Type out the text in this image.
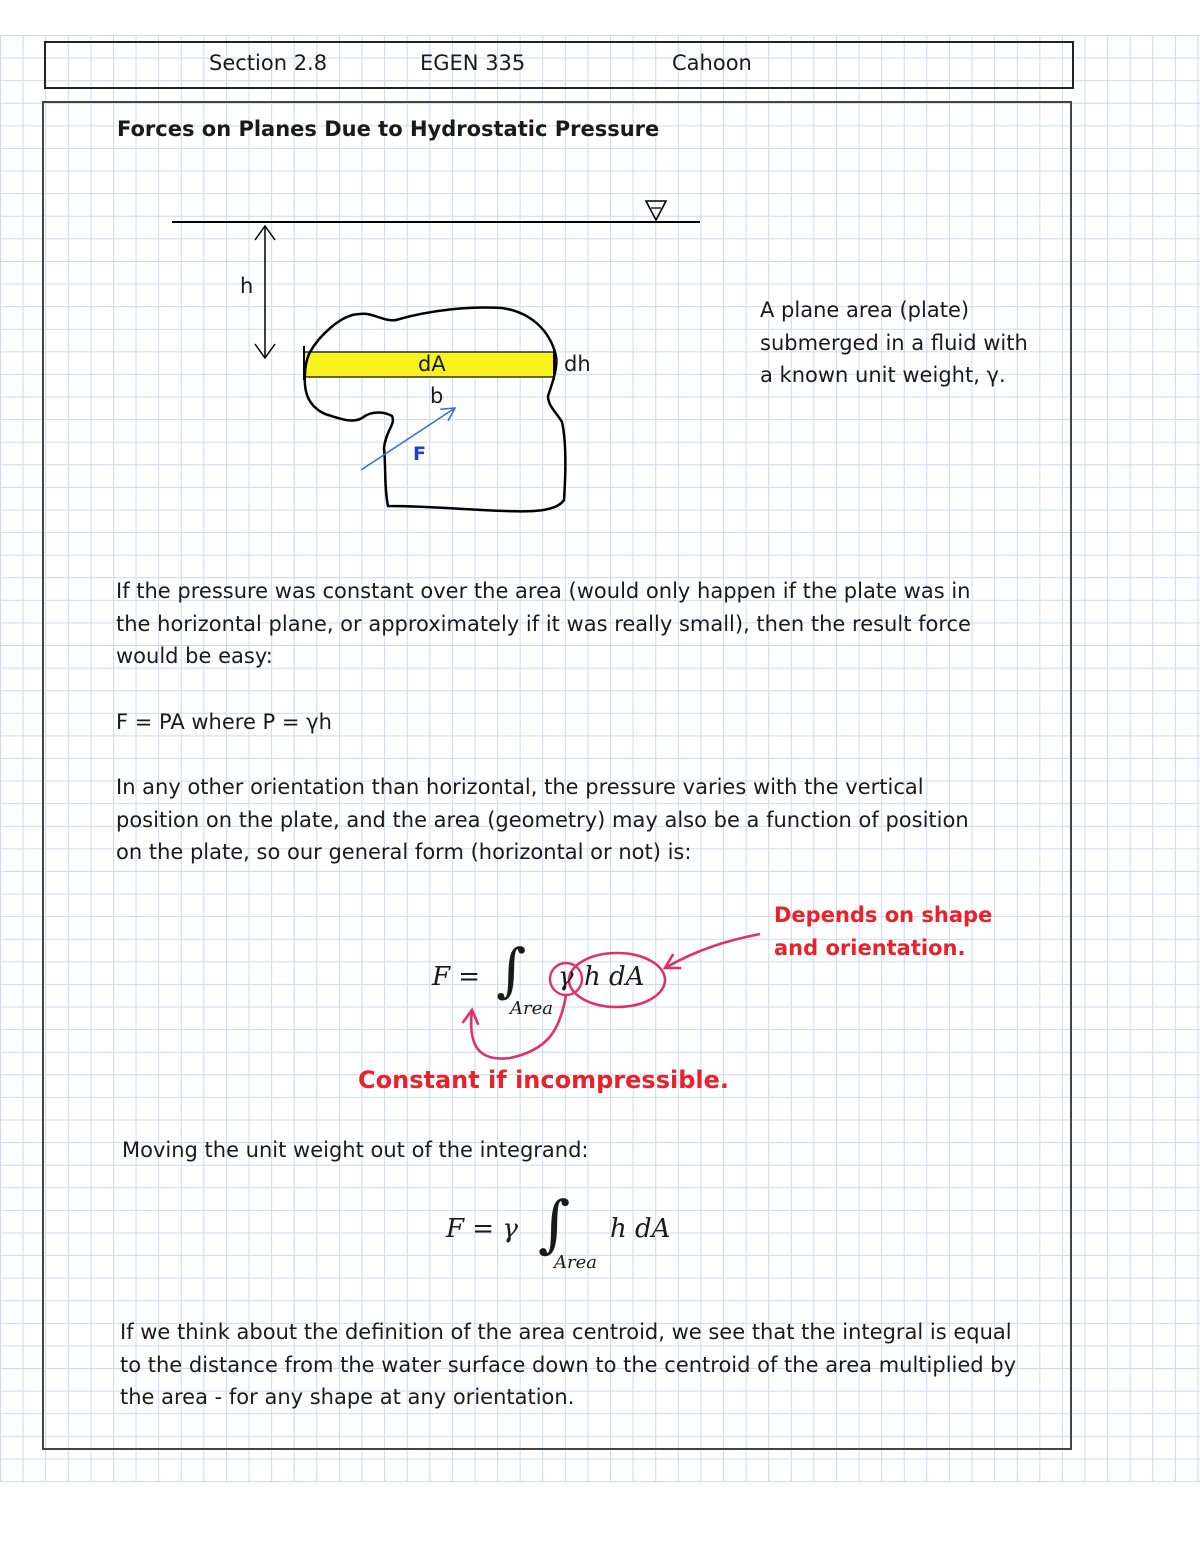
Section 2.8	EGEN 335	Cahoon
Forces on Planes Due to Hydrostatic Pressure
h
dA
b
dh
F
A plane area (plate)
submerged in a fluid with
a known unit weight, γ.
If the pressure was constant over the area (would only happen if the plate was in
the horizontal plane, or approximately if it was really small), then the result force
would be easy:
F = PA where P = γh
In any other orientation than horizontal, the pressure varies with the vertical
position on the plate, and the area (geometry) may also be a function of position
on the plate, so our general form (horizontal or not) is:
F = ∫
Area
γ h dA
Depends on shape
and orientation.
Constant if incompressible.
Moving the unit weight out of the integrand:
F = γ ∫
Area
h dA
If we think about the definition of the area centroid, we see that the integral is equal
to the distance from the water surface down to the centroid of the area multiplied by
the area - for any shape at any orientation.
